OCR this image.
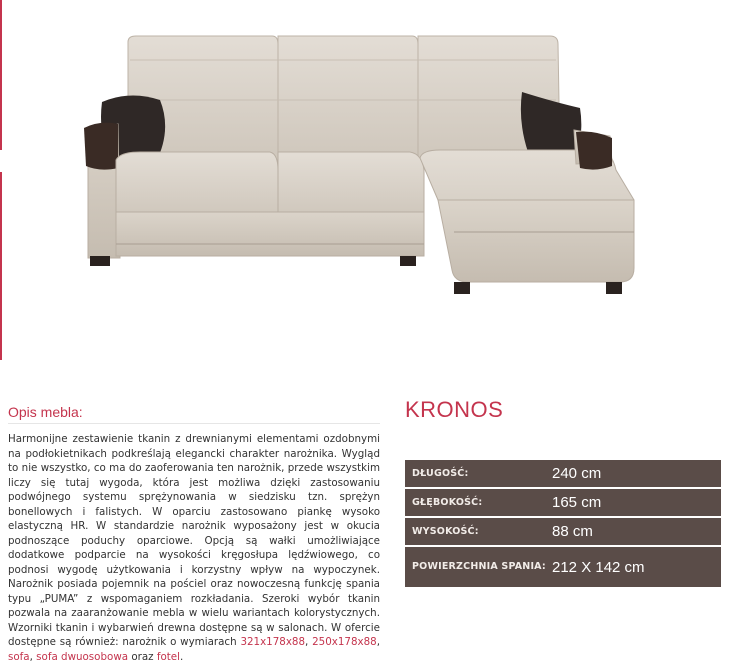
Opis mebla:
Harmonijne zestawienie tkanin z drewnianymi elementami ozdobnymi na podłokietnikach podkreślają elegancki charakter narożnika. Wygląd to nie wszystko, co ma do zaoferowania ten narożnik, przede wszystkim liczy się tutaj wygoda, która jest możliwa dzięki zastosowaniu podwójnego systemu sprężynowania w siedzisku tzn. sprężyn bonellowych i falistych. W oparciu zastosowano piankę wysoko elastyczną HR. W standardzie narożnik wyposażony jest w okucia podnoszące poduchy oparciowe. Opcją są wałki umożliwiające dodatkowe podparcie na wysokości kręgosłupa lędźwiowego, co podnosi wygodę użytkowania i korzystny wpływ na wypoczynek. Narożnik posiada pojemnik na pościel oraz nowoczesną funkcję spania typu „PUMA” z wspomaganiem rozkładania. Szeroki wybór tkanin pozwala na zaaranżowanie mebla w wielu wariantach kolorystycznych. Wzorniki tkanin i wybarwień drewna dostępne są w salonach. W ofercie dostępne są również: narożnik o wymiarach 321x178x88, 250x178x88, sofa, sofa dwuosobowa oraz fotel.
KRONOS
DŁUGOŚĆ:	240 cm
GŁĘBOKOŚĆ:	165 cm
WYSOKOŚĆ:	88 cm
POWIERZCHNIA SPANIA: 212 X 142 cm
